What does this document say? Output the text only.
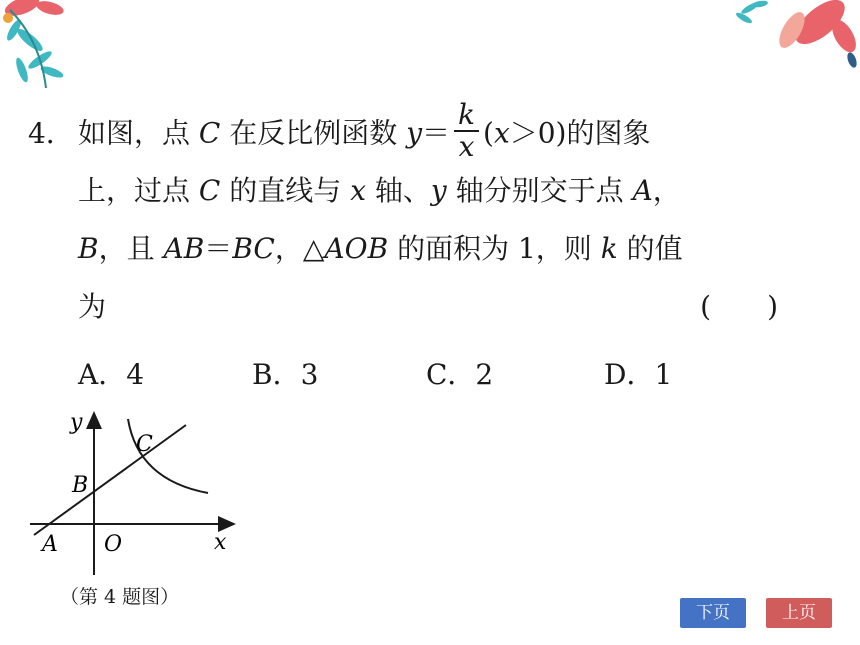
4． 如图，点 C 在反比例函数 $y= \frac{k}{x} (x>0)$的图象
上，过点 C 的直线与 x 轴、y 轴分别交于点 A，
B，且 AB＝BC，△AOB 的面积为 1，则 k 的值
为	(　　)
A．4	B．3	C．2	D．1
y
C
B
A O	x
（第 4 题图）
下页	上页
